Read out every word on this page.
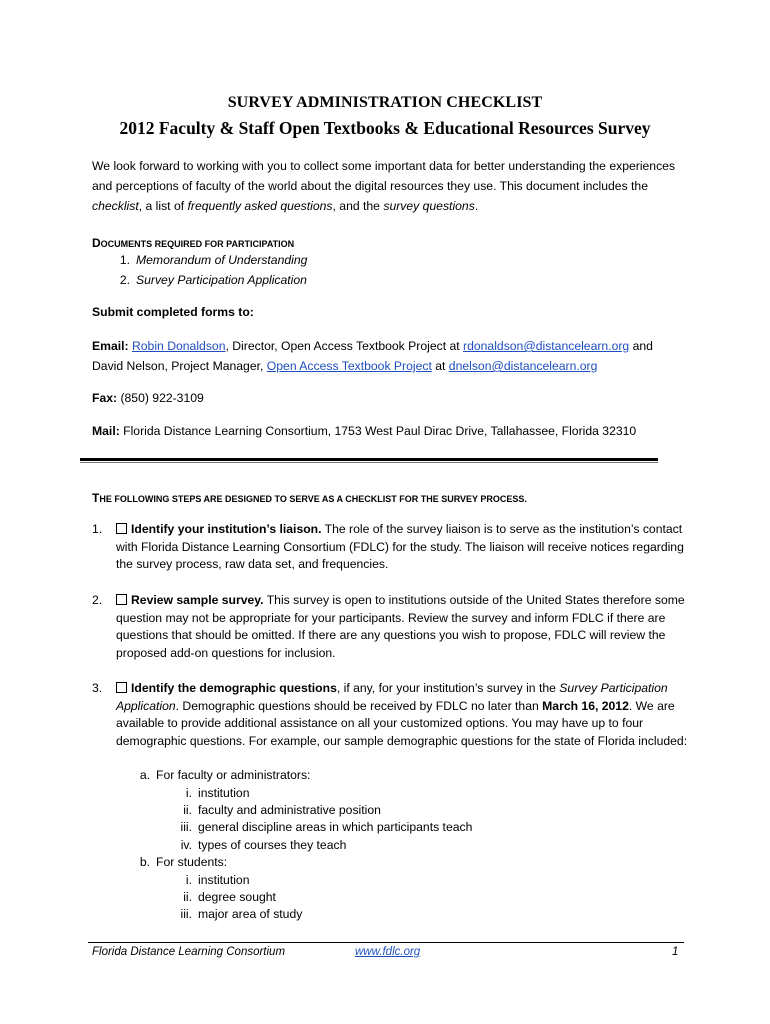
SURVEY ADMINISTRATION CHECKLIST
2012 Faculty & Staff Open Textbooks & Educational Resources Survey
We look forward to working with you to collect some important data for better understanding the experiences and perceptions of faculty of the world about the digital resources they use. This document includes the checklist, a list of frequently asked questions, and the survey questions.
DOCUMENTS REQUIRED FOR PARTICIPATION
1. Memorandum of Understanding
2. Survey Participation Application
Submit completed forms to:
Email: Robin Donaldson, Director, Open Access Textbook Project at rdonaldson@distancelearn.org and
David Nelson, Project Manager, Open Access Textbook Project at dnelson@distancelearn.org
Fax: (850) 922-3109
Mail: Florida Distance Learning Consortium, 1753 West Paul Dirac Drive, Tallahassee, Florida 32310
THE FOLLOWING STEPS ARE DESIGNED TO SERVE AS A CHECKLIST FOR THE SURVEY PROCESS.
1.	Identify your institution’s liaison. The role of the survey liaison is to serve as the institution’s contact with Florida Distance Learning Consortium (FDLC) for the study. The liaison will receive notices regarding the survey process, raw data set, and frequencies.
2.	Review sample survey. This survey is open to institutions outside of the United States therefore some question may not be appropriate for your participants. Review the survey and inform FDLC if there are questions that should be omitted. If there are any questions you wish to propose, FDLC will review the proposed add-on questions for inclusion.
3.	Identify the demographic questions, if any, for your institution’s survey in the Survey Participation Application. Demographic questions should be received by FDLC no later than March 16, 2012. We are available to provide additional assistance on all your customized options. You may have up to four demographic questions. For example, our sample demographic questions for the state of Florida included:
a. For faculty or administrators:
i. institution
ii. faculty and administrative position
iii. general discipline areas in which participants teach
iv. types of courses they teach
b. For students:
i. institution
ii. degree sought
iii. major area of study
Florida Distance Learning Consortium	www.fdlc.org	1
